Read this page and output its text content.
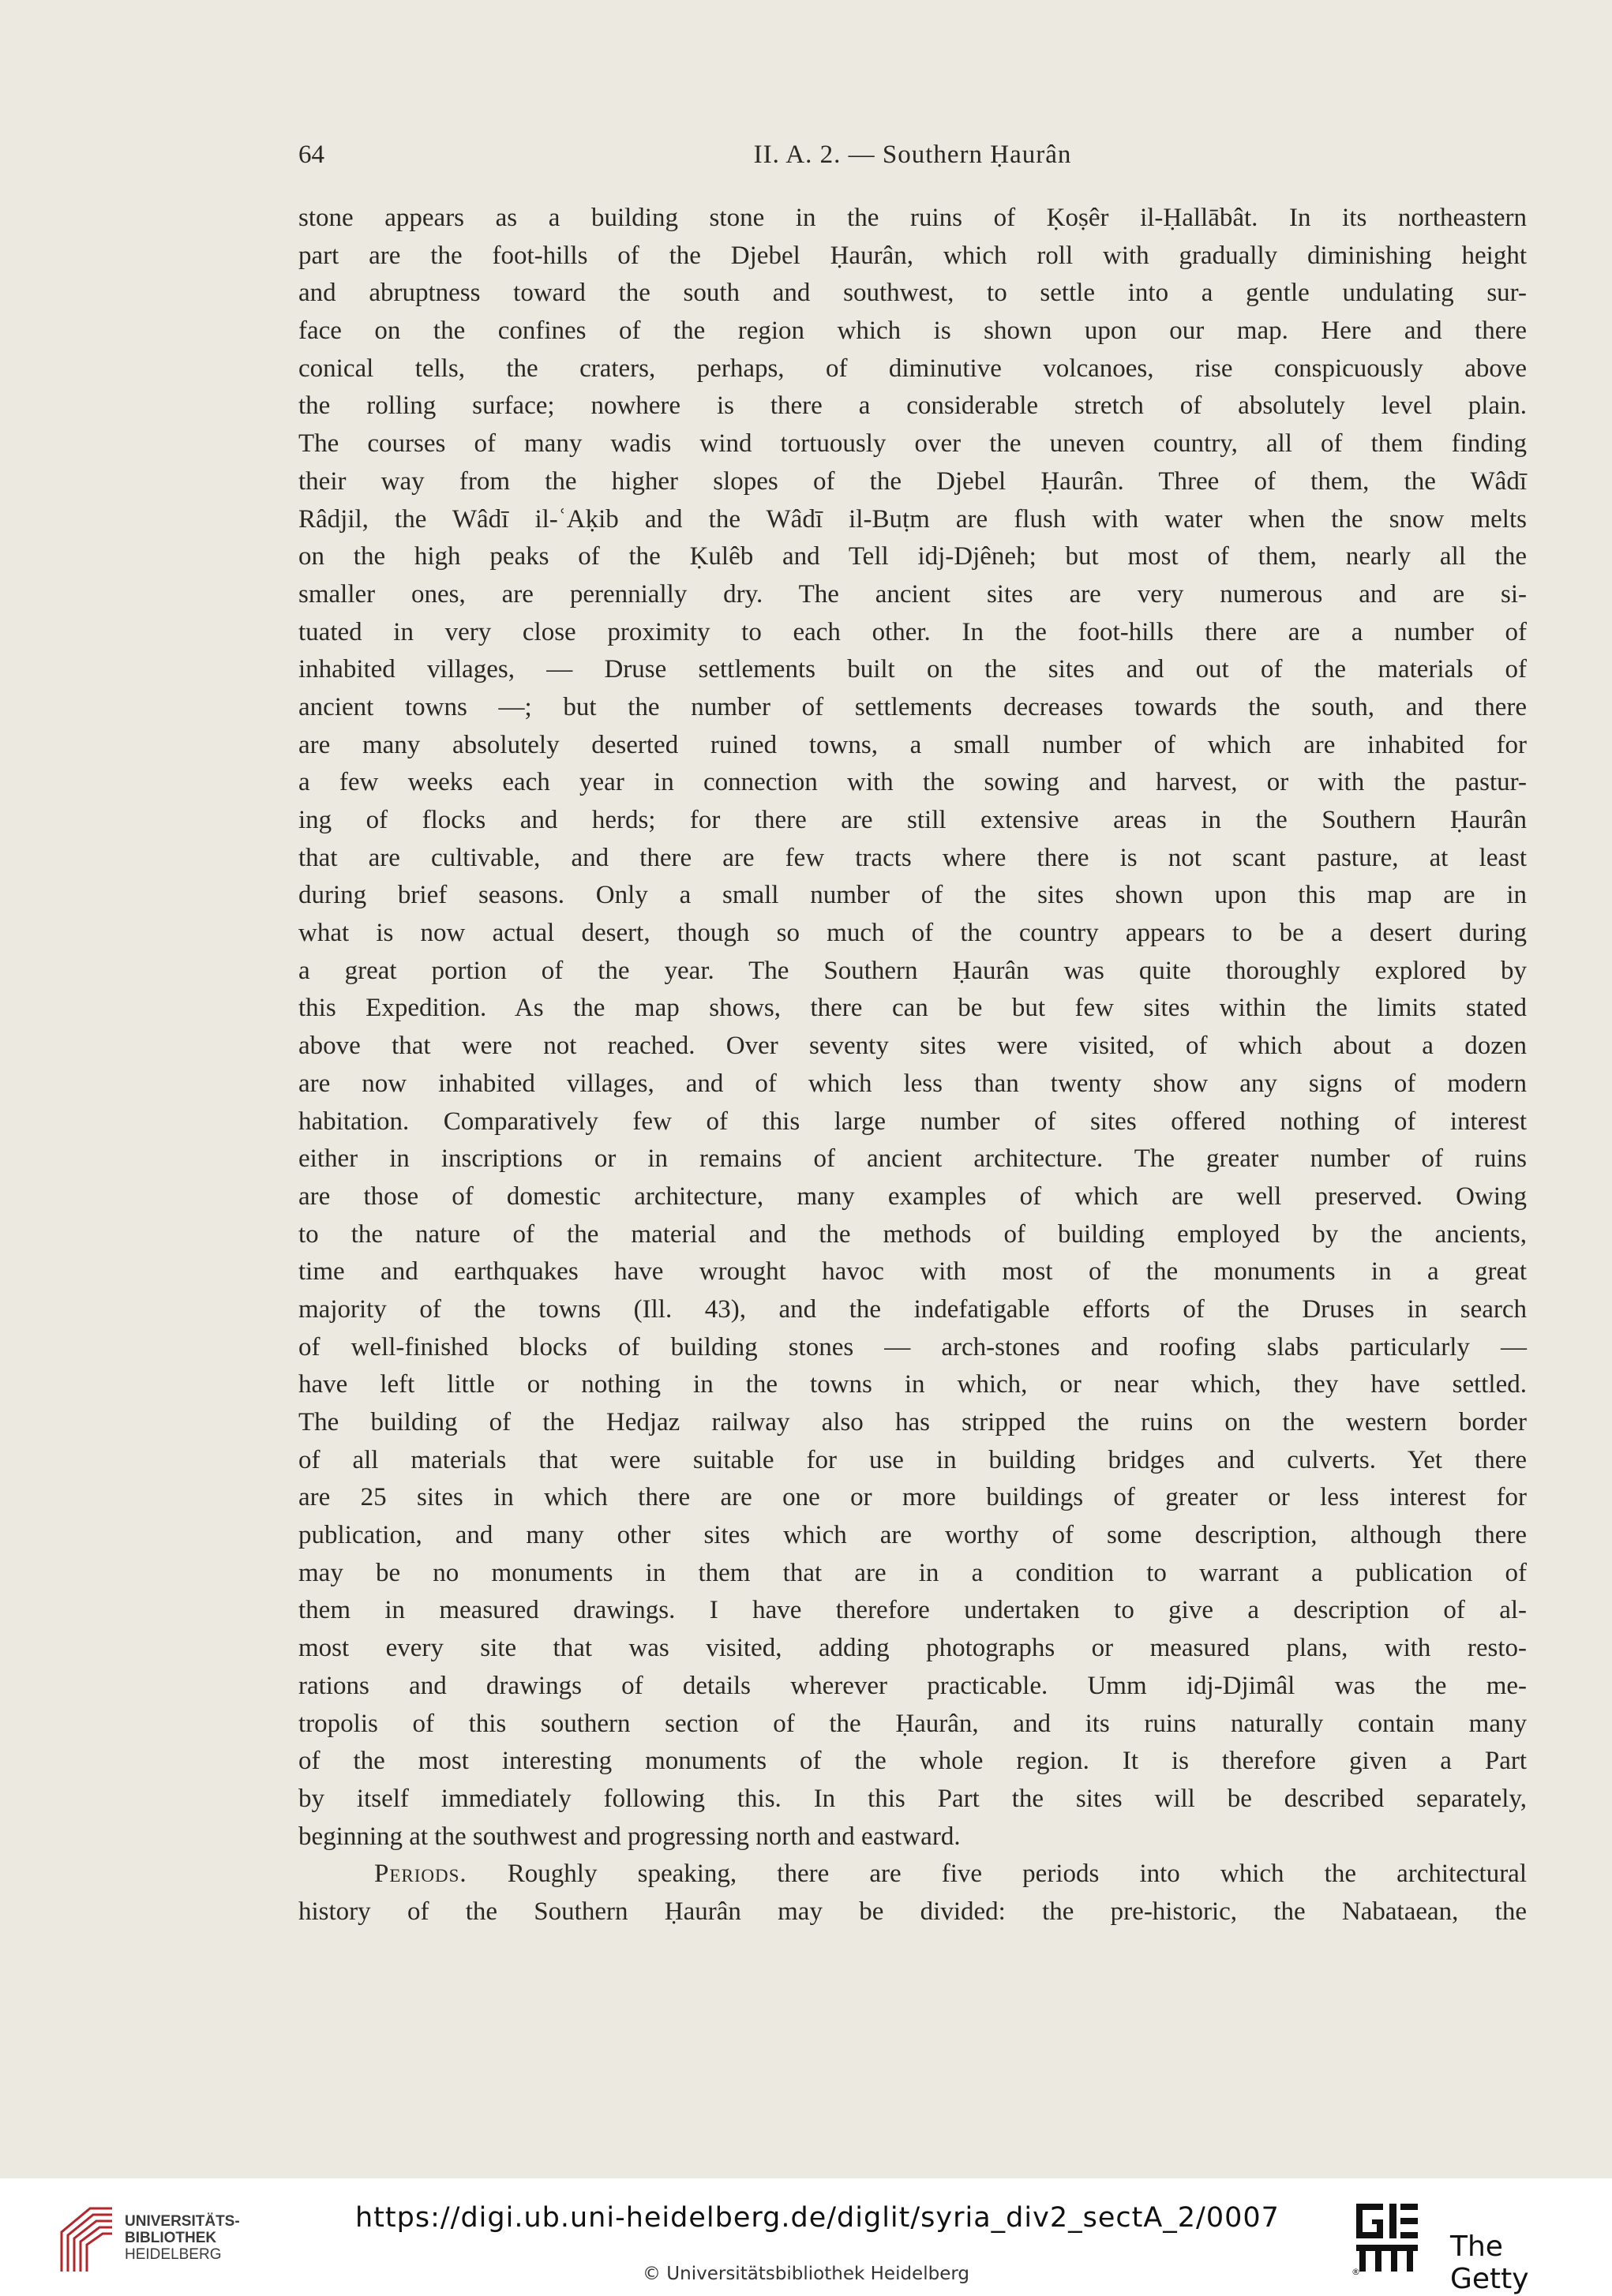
64	II. A. 2. — Southern Ḥaurân
stone appears as a building stone in the ruins of Ḳoṣêr il-Ḥallābât. In its northeastern
part are the foot-hills of the Djebel Ḥaurân, which roll with gradually diminishing height
and abruptness toward the south and southwest, to settle into a gentle undulating sur-
face on the confines of the region which is shown upon our map. Here and there
conical tells, the craters, perhaps, of diminutive volcanoes, rise conspicuously above
the rolling surface; nowhere is there a considerable stretch of absolutely level plain.
The courses of many wadis wind tortuously over the uneven country, all of them finding
their way from the higher slopes of the Djebel Ḥaurân. Three of them, the Wâdī
Râdjil, the Wâdī il-ʿAḳib and the Wâdī il-Buṭm are flush with water when the snow melts
on the high peaks of the Ḳulêb and Tell idj-Djêneh; but most of them, nearly all the
smaller ones, are perennially dry. The ancient sites are very numerous and are si-
tuated in very close proximity to each other. In the foot-hills there are a number of
inhabited villages, — Druse settlements built on the sites and out of the materials of
ancient towns —; but the number of settlements decreases towards the south, and there
are many absolutely deserted ruined towns, a small number of which are inhabited for
a few weeks each year in connection with the sowing and harvest, or with the pastur-
ing of flocks and herds; for there are still extensive areas in the Southern Ḥaurân
that are cultivable, and there are few tracts where there is not scant pasture, at least
during brief seasons. Only a small number of the sites shown upon this map are in
what is now actual desert, though so much of the country appears to be a desert during
a great portion of the year. The Southern Ḥaurân was quite thoroughly explored by
this Expedition. As the map shows, there can be but few sites within the limits stated
above that were not reached. Over seventy sites were visited, of which about a dozen
are now inhabited villages, and of which less than twenty show any signs of modern
habitation. Comparatively few of this large number of sites offered nothing of interest
either in inscriptions or in remains of ancient architecture. The greater number of ruins
are those of domestic architecture, many examples of which are well preserved. Owing
to the nature of the material and the methods of building employed by the ancients,
time and earthquakes have wrought havoc with most of the monuments in a great
majority of the towns (Ill. 43), and the indefatigable efforts of the Druses in search
of well-finished blocks of building stones — arch-stones and roofing slabs particularly —
have left little or nothing in the towns in which, or near which, they have settled.
The building of the Hedjaz railway also has stripped the ruins on the western border
of all materials that were suitable for use in building bridges and culverts. Yet there
are 25 sites in which there are one or more buildings of greater or less interest for
publication, and many other sites which are worthy of some description, although there
may be no monuments in them that are in a condition to warrant a publication of
them in measured drawings. I have therefore undertaken to give a description of al-
most every site that was visited, adding photographs or measured plans, with resto-
rations and drawings of details wherever practicable. Umm idj-Djimâl was the me-
tropolis of this southern section of the Ḥaurân, and its ruins naturally contain many
of the most interesting monuments of the whole region. It is therefore given a Part
by itself immediately following this. In this Part the sites will be described separately,
beginning at the southwest and progressing north and eastward.
Periods. Roughly speaking, there are five periods into which the architectural
history of the Southern Ḥaurân may be divided: the pre-historic, the Nabataean, the
UNIVERSITÄTS-
BIBLIOTHEK
HEIDELBERG
https://digi.ub.uni-heidelberg.de/diglit/syria_div2_sectA_2/0007
© Universitätsbibliothek Heidelberg	®
The Getty
